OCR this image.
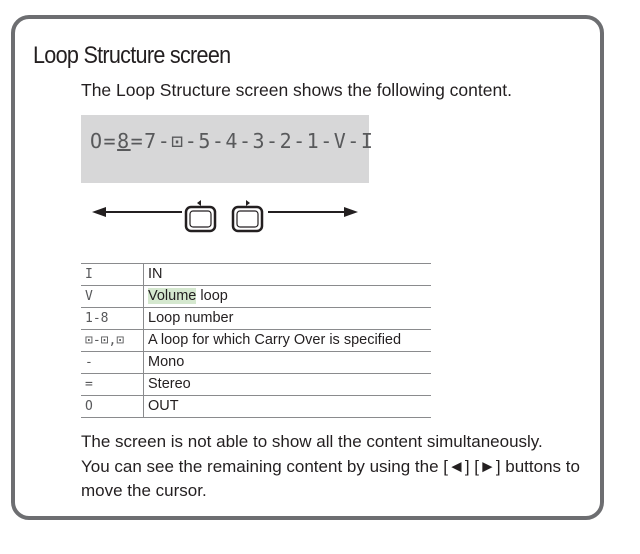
Loop Structure screen

The Loop Structure screen shows the following content.

O=8=7-⊡-5-4-3-2-1-V-I
I	IN
V	Volume loop
1-8	Loop number
⊡-⊡,⊡	A loop for which Carry Over is specified
-	Mono
=	Stereo
O	OUT

The screen is not able to show all the content simultaneously.

You can see the remaining content by using the [◄] [►] buttons to move the cursor.
